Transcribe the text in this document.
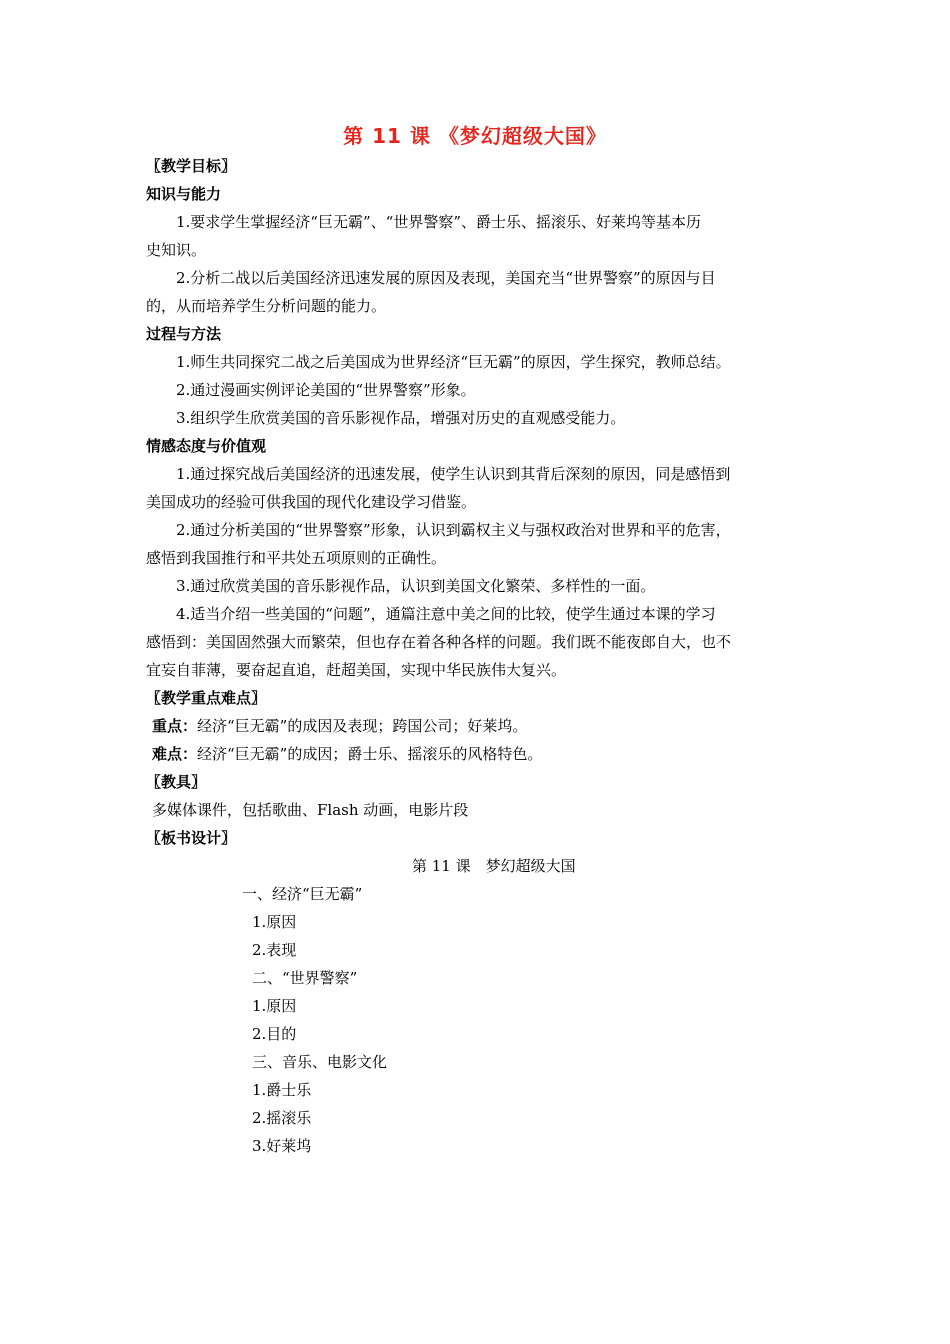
第 11 课 《梦幻超级大国》
〖教学目标〗
知识与能力
1.要求学生掌握经济“巨无霸”、“世界警察”、爵士乐、摇滚乐、好莱坞等基本历
史知识。
2.分析二战以后美国经济迅速发展的原因及表现，美国充当“世界警察”的原因与目
的，从而培养学生分析问题的能力。
过程与方法
1.师生共同探究二战之后美国成为世界经济“巨无霸”的原因，学生探究，教师总结。
2.通过漫画实例评论美国的“世界警察”形象。
3.组织学生欣赏美国的音乐影视作品，增强对历史的直观感受能力。
情感态度与价值观
1.通过探究战后美国经济的迅速发展，使学生认识到其背后深刻的原因，同是感悟到
美国成功的经验可供我国的现代化建设学习借鉴。
2.通过分析美国的“世界警察”形象，认识到霸权主义与强权政治对世界和平的危害，
感悟到我国推行和平共处五项原则的正确性。
3.通过欣赏美国的音乐影视作品，认识到美国文化繁荣、多样性的一面。
4.适当介绍一些美国的“问题”，通篇注意中美之间的比较，使学生通过本课的学习
感悟到：美国固然强大而繁荣，但也存在着各种各样的问题。我们既不能夜郎自大，也不
宜妄自菲薄，要奋起直追，赶超美国，实现中华民族伟大复兴。
〖教学重点难点〗
重点：经济“巨无霸”的成因及表现；跨国公司；好莱坞。
难点：经济“巨无霸”的成因；爵士乐、摇滚乐的风格特色。
〖教具〗
多媒体课件，包括歌曲、Flash 动画，电影片段
〖板书设计〗
第 11 课　梦幻超级大国
一、经济“巨无霸”
1.原因
2.表现
二、“世界警察”
1.原因
2.目的
三、音乐、电影文化
1.爵士乐
2.摇滚乐
3.好莱坞
